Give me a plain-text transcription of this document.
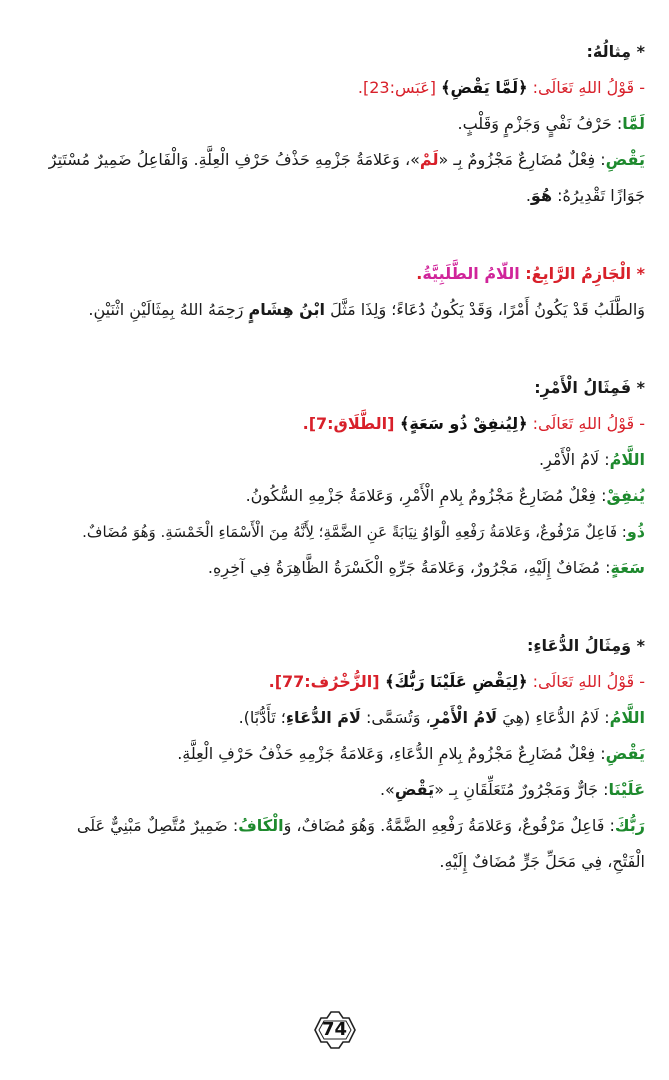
* مِثالُهُ:
- قَوْلُ اللهِ تَعَالَى: ﴿لَمَّا يَقْضِ﴾ [عَبَس:23].
لَمَّا: حَرْفُ نَفْيٍ وَجَزْمٍ وَقَلْبٍ.
يَقْضِ: فِعْلٌ مُضَارِعٌ مَجْزُومٌ بِـ «لَمْ»، وَعَلامَةُ جَزْمِهِ حَذْفُ حَرْفِ الْعِلَّةِ. وَالْفَاعِلُ ضَمِيرٌ مُسْتَتِرٌ
جَوَازًا تَقْدِيرُهُ: هُوَ.
* الْجَازِمُ الرَّابِعُ: اللّامُ الطَّلَبِيَّةُ.
وَالطَّلَبُ قَدْ يَكُونُ أَمْرًا، وَقَدْ يَكُونُ دُعَاءً؛ وَلِذَا مَثَّلَ ابْنُ هِشَامٍ رَحِمَهُ اللهُ بِمِثَالَيْنِ اثْنَيْنِ.
* فَمِثَالُ الْأَمْرِ:
- قَوْلُ اللهِ تَعَالَى: ﴿لِيُنفِقْ ذُو سَعَةٍ﴾ [الطَّلَاق:7].
اللَّامُ: لَامُ الْأَمْرِ.
يُنفِقْ: فِعْلٌ مُضَارِعٌ مَجْزُومٌ بِلامِ الْأَمْرِ، وَعَلامَةُ جَزْمِهِ السُّكُونُ.
ذُو: فَاعِلٌ مَرْفُوعٌ، وَعَلامَةُ رَفْعِهِ الْوَاوُ نِيَابَةً عَنِ الضَّمَّةِ؛ لِأَنَّهُ مِنَ الْأَسْمَاءِ الْخَمْسَةِ. وَهُوَ مُضَافٌ.
سَعَةٍ: مُضَافٌ إِلَيْهِ، مَجْرُورٌ، وَعَلامَةُ جَرِّهِ الْكَسْرَةُ الظَّاهِرَةُ فِي آخِرِهِ.
* وَمِثَالُ الدُّعَاءِ:
- قَوْلُ اللهِ تَعَالَى: ﴿لِيَقْضِ عَلَيْنَا رَبُّكَ﴾ [الزُّخْرُف:77].
اللَّامُ: لَامُ الدُّعَاءِ (هِيَ لَامُ الْأَمْرِ، وَتُسَمَّى: لَامَ الدُّعَاءِ؛ تَأَدُّبًا).
يَقْضِ: فِعْلٌ مُضَارِعٌ مَجْزُومٌ بِلامِ الدُّعَاءِ، وَعَلامَةُ جَزْمِهِ حَذْفُ حَرْفِ الْعِلَّةِ.
عَلَيْنَا: جَارٌّ وَمَجْرُورٌ مُتَعَلِّقَانِ بِـ «يَقْضِ».
رَبُّكَ: فَاعِلٌ مَرْفُوعٌ، وَعَلامَةُ رَفْعِهِ الضَّمَّةُ. وَهُوَ مُضَافٌ، وَالْكَافُ: ضَمِيرٌ مُتَّصِلٌ مَبْنِيٌّ عَلَى
الْفَتْحِ، فِي مَحَلِّ جَرٍّ مُضَافٌ إِلَيْهِ.
74
